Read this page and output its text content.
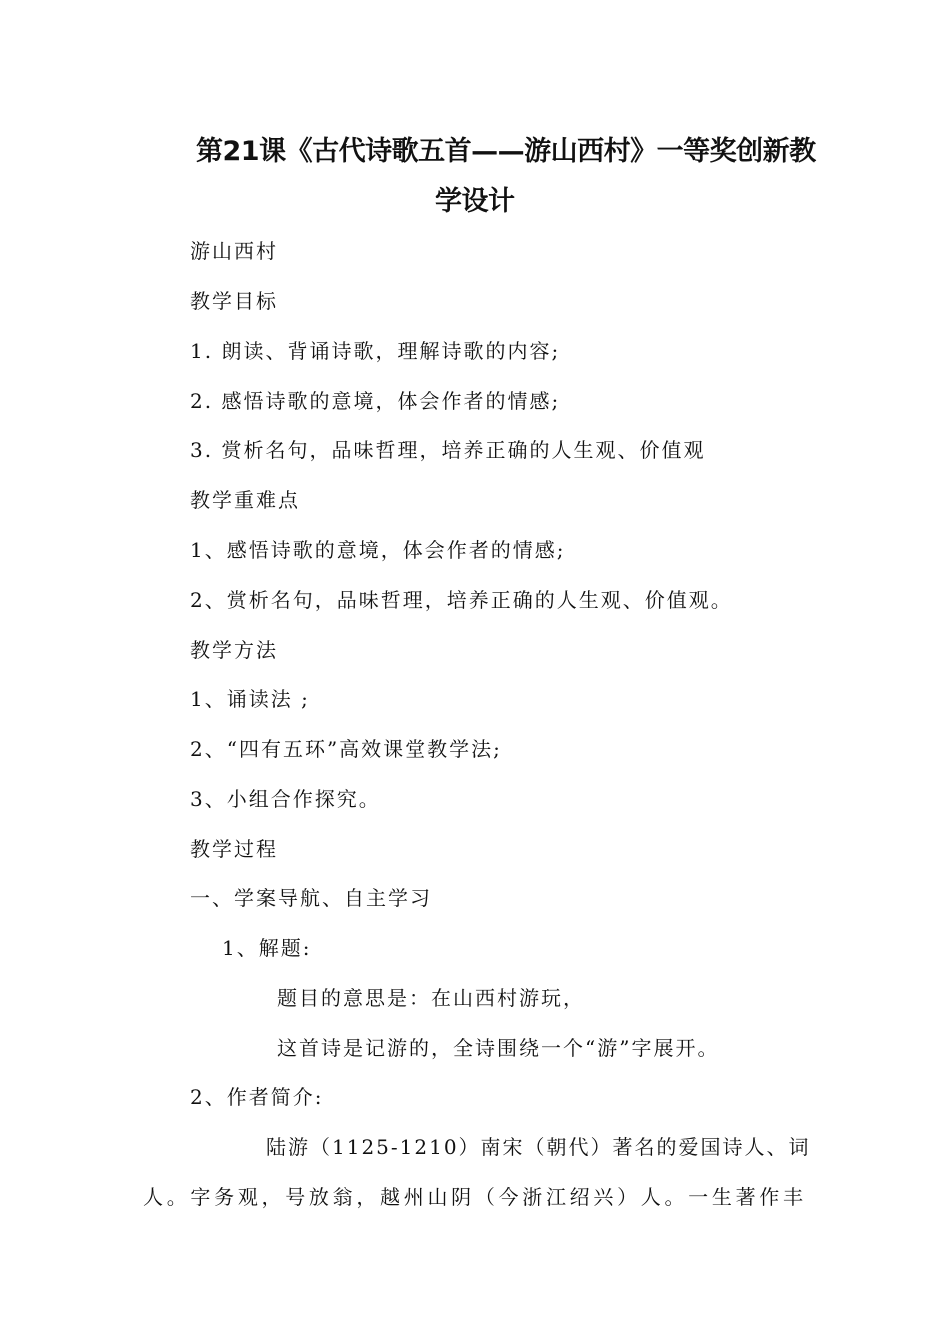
第21课《古代诗歌五首——游山西村》一等奖创新教
学设计
游山西村
教学目标
1. 朗读、背诵诗歌，理解诗歌的内容;
2. 感悟诗歌的意境，体会作者的情感;
3. 赏析名句，品味哲理，培养正确的人生观、价值观
教学重难点
1、感悟诗歌的意境，体会作者的情感;
2、赏析名句，品味哲理，培养正确的人生观、价值观。
教学方法
1、诵读法 ;
2、“四有五环”高效课堂教学法;
3、小组合作探究。
教学过程
一、学案导航、自主学习
1、解题:
题目的意思是：在山西村游玩，
这首诗是记游的，全诗围绕一个“游”字展开。
2、作者简介:
陆游（1125-1210）南宋（朝代）著名的爱国诗人、词
人。字务观，号放翁，越州山阴（今浙江绍兴）人。一生著作丰
